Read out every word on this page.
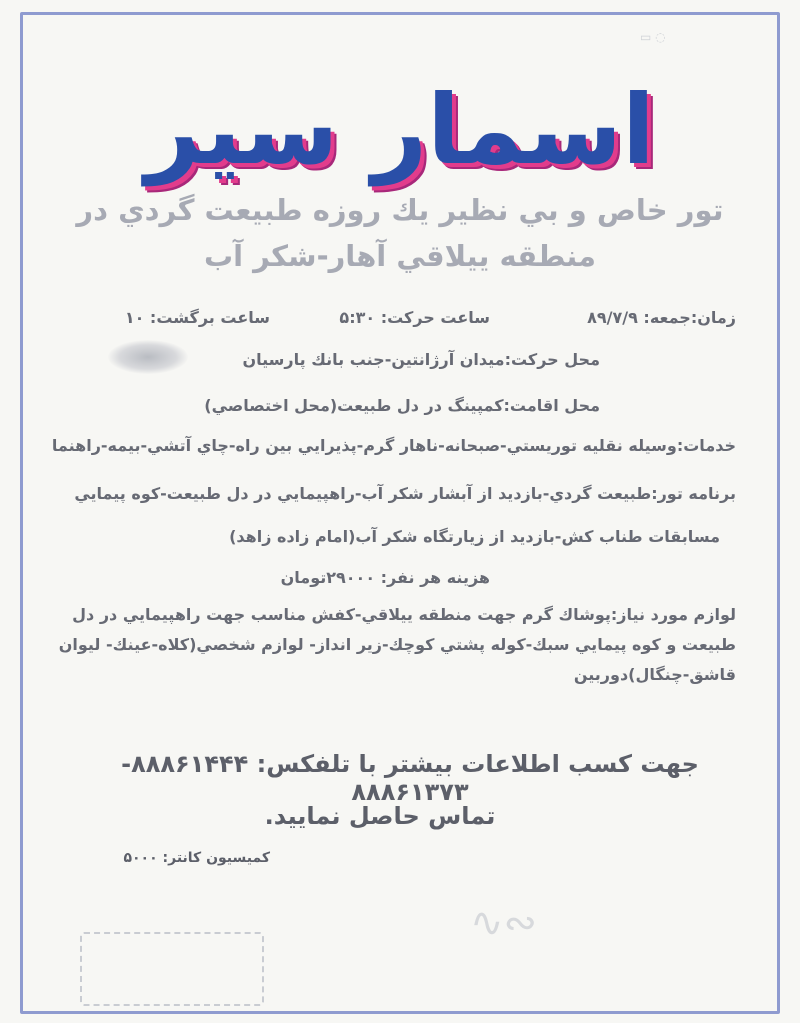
▭ ◌
اسمار سیر
تور خاص و بي نظير يك روزه طبيعت گردي در
منطقه ييلاقي آهار-شكر آب
زمان:جمعه: ۸۹/۷/۹
ساعت حركت: ۵:۳۰
ساعت برگشت: ۱۰
محل حركت:ميدان آرژانتين-جنب بانك پارسيان
محل اقامت:كمپينگ در دل طبيعت(محل اختصاصي)
خدمات:وسيله نقليه توريستي-صبحانه-ناهار گرم-پذيرايي بين راه-چاي آتشي-بيمه-راهنما
برنامه تور:طبيعت گردي-بازديد از آبشار شكر آب-راهپيمايي در دل طبيعت-كوه پيمايي
مسابقات طناب كش-بازديد از زيارتگاه شكر آب(امام زاده زاهد)
هزينه هر نفر: ۲۹۰۰۰تومان
لوازم مورد نياز:پوشاك گرم جهت منطقه ييلاقي-كفش مناسب جهت راهپيمايي در دل
طبيعت و كوه پيمايي سبك-كوله پشتي كوچك-زير انداز- لوازم شخصي(كلاه-عينك- ليوان
قاشق-چنگال)دوربين
جهت كسب اطلاعات بيشتر با تلفكس: ۸۸۸۶۱۴۴۴- ۸۸۸۶۱۳۷۳
تماس حاصل نماييد.
كميسيون كانتر: ۵۰۰۰
∿∾
